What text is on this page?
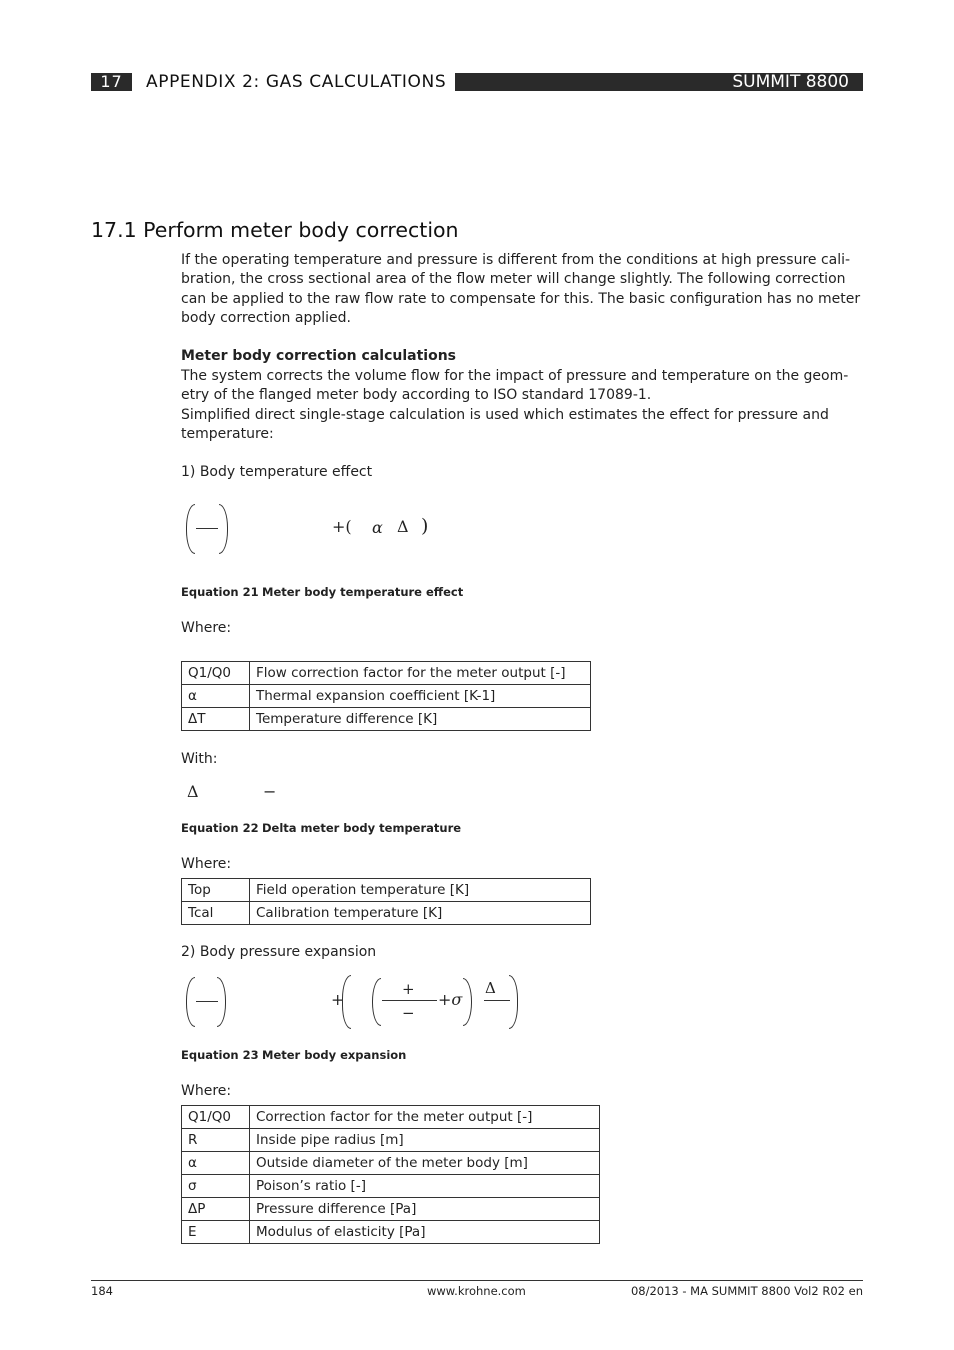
17	APPENDIX 2: GAS CALCULATIONS	SUMMIT 8800
17.1 Perform meter body correction
If the operating temperature and pressure is different from the conditions at high pressure cali-
bration, the cross sectional area of the flow meter will change slightly. The following correction
can be applied to the raw flow rate to compensate for this. The basic configuration has no meter
body correction applied.
Meter body correction calculations
The system corrects the volume flow for the impact of pressure and temperature on the geom-
etry of the flanged meter body according to ISO standard 17089-1.
Simplified direct single-stage calculation is used which estimates the effect for pressure and
temperature:
1) Body temperature effect
+( α Δ )
Equation 21 Meter body temperature effect
Where:
Q1/Q0	Flow correction factor for the meter output [-]
α	Thermal expansion coefficient [K-1]
ΔT	Temperature difference [K]
With:
Δ	−
Equation 22 Delta meter body temperature
Where:
Top	Field operation temperature [K]
Tcal	Calibration temperature [K]
2) Body pressure expansion
+
+
−
+σ
Δ
Equation 23 Meter body expansion
Where:
Q1/Q0	Correction factor for the meter output [-]
R	Inside pipe radius [m]
α	Outside diameter of the meter body [m]
σ	Poison’s ratio [-]
ΔP	Pressure difference [Pa]
E	Modulus of elasticity [Pa]
184	www.krohne.com	08/2013 - MA SUMMIT 8800 Vol2 R02 en
